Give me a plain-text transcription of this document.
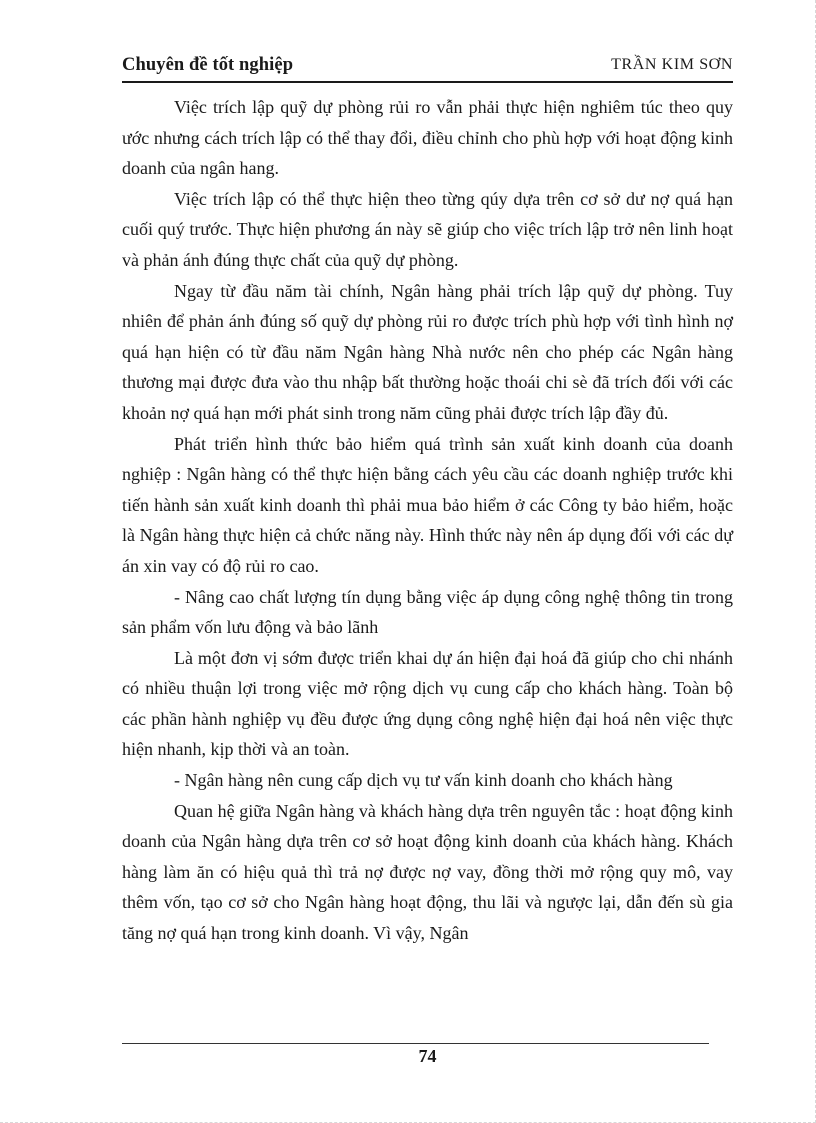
Chuyên đề tốt nghiệp	TRẦN KIM SƠN

Việc trích lập quỹ dự phòng rủi ro vẫn phải thực hiện nghiêm túc theo quy ước nhưng cách trích lập có thể thay đổi, điều chỉnh cho phù hợp với hoạt động kinh doanh của ngân hang.

Việc trích lập có thể thực hiện theo từng qúy dựa trên cơ sở dư nợ quá hạn cuối quý trước. Thực hiện phương án này sẽ giúp cho việc trích lập trở nên linh hoạt và phản ánh đúng thực chất của quỹ dự phòng.

Ngay từ đầu năm tài chính, Ngân hàng phải trích lập quỹ dự phòng. Tuy nhiên để phản ánh đúng số quỹ dự phòng rủi ro được trích phù hợp với tình hình nợ quá hạn hiện có từ đầu năm Ngân hàng Nhà nước nên cho phép các Ngân hàng thương mại được đưa vào thu nhập bất thường hoặc thoái chi sè đã trích đối với các khoản nợ quá hạn mới phát sinh trong năm cũng phải được trích lập đầy đủ.

Phát triển hình thức bảo hiểm quá trình sản xuất kinh doanh của doanh nghiệp : Ngân hàng có thể thực hiện bằng cách yêu cầu các doanh nghiệp trước khi tiến hành sản xuất kinh doanh thì phải mua bảo hiểm ở các Công ty bảo hiểm, hoặc là Ngân hàng thực hiện cả chức năng này. Hình thức này nên áp dụng đối với các dự án xin vay có độ rủi ro cao.

- Nâng cao chất lượng tín dụng bằng việc áp dụng công nghệ thông tin trong sản phẩm vốn lưu động và bảo lãnh

Là một đơn vị sớm được triển khai dự án hiện đại hoá đã giúp cho chi nhánh có nhiều thuận lợi trong việc mở rộng dịch vụ cung cấp cho khách hàng. Toàn bộ các phần hành nghiệp vụ đều được ứng dụng công nghệ hiện đại hoá nên việc thực hiện nhanh, kịp thời và an toàn.

- Ngân hàng nên cung cấp dịch vụ tư vấn kinh doanh cho khách hàng

Quan hệ giữa Ngân hàng và khách hàng dựa trên nguyên tắc : hoạt động kinh doanh của Ngân hàng dựa trên cơ sở hoạt động kinh doanh của khách hàng. Khách hàng làm ăn có hiệu quả thì trả nợ được nợ vay, đồng thời mở rộng quy mô, vay thêm vốn, tạo cơ sở cho Ngân hàng hoạt động, thu lãi và ngược lại, dẫn đến sù gia tăng nợ quá hạn trong kinh doanh. Vì vậy, Ngân

74
